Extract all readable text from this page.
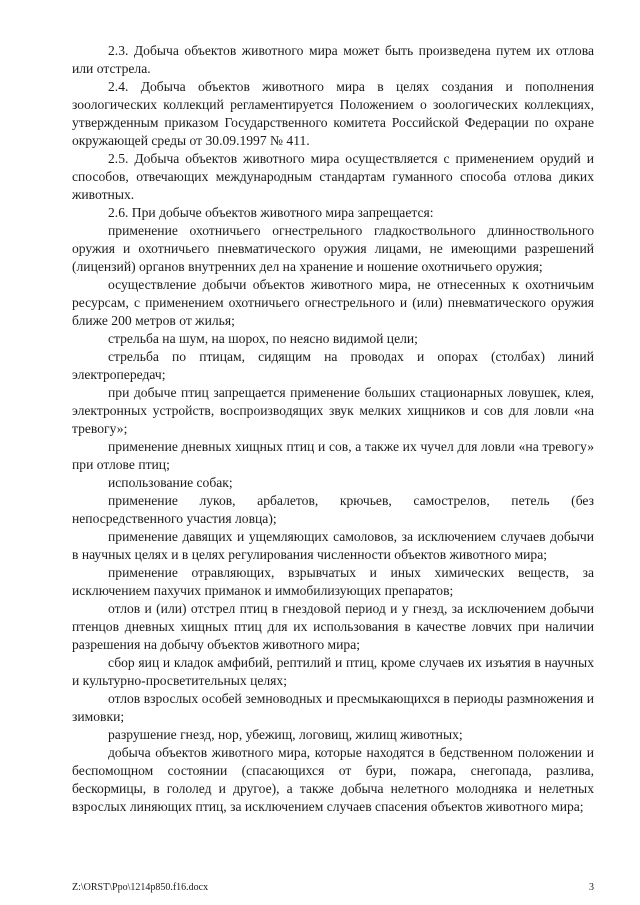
2.3. Добыча объектов животного мира может быть произведена путем их отлова или отстрела.

2.4. Добыча объектов животного мира в целях создания и пополнения зоологических коллекций регламентируется Положением о зоологических коллекциях, утвержденным приказом Государственного комитета Российской Федерации по охране окружающей среды от 30.09.1997 № 411.

2.5. Добыча объектов животного мира осуществляется с применением орудий и способов, отвечающих международным стандартам гуманного способа отлова диких животных.

2.6. При добыче объектов животного мира запрещается:

применение охотничьего огнестрельного гладкоствольного длинноствольного оружия и охотничьего пневматического оружия лицами, не имеющими разрешений (лицензий) органов внутренних дел на хранение и ношение охотничьего оружия;

осуществление добычи объектов животного мира, не отнесенных к охотничьим ресурсам, с применением охотничьего огнестрельного и (или) пневматического оружия ближе 200 метров от жилья;

стрельба на шум, на шорох, по неясно видимой цели;

стрельба по птицам, сидящим на проводах и опорах (столбах) линий электропередач;

при добыче птиц запрещается применение больших стационарных ловушек, клея, электронных устройств, воспроизводящих звук мелких хищников и сов для ловли «на тревогу»;

применение дневных хищных птиц и сов, а также их чучел для ловли «на тревогу» при отлове птиц;

использование собак;

применение луков, арбалетов, крючьев, самострелов, петель (без непосредственного участия ловца);

применение давящих и ущемляющих самоловов, за исключением случаев добычи в научных целях и в целях регулирования численности объектов животного мира;

применение отравляющих, взрывчатых и иных химических веществ, за исключением пахучих приманок и иммобилизующих препаратов;

отлов и (или) отстрел птиц в гнездовой период и у гнезд, за исключением добычи птенцов дневных хищных птиц для их использования в качестве ловчих при наличии разрешения на добычу объектов животного мира;

сбор яиц и кладок амфибий, рептилий и птиц, кроме случаев их изъятия в научных и культурно-просветительных целях;

отлов взрослых особей земноводных и пресмыкающихся в периоды размножения и зимовки;

разрушение гнезд, нор, убежищ, логовищ, жилищ животных;

добыча объектов животного мира, которые находятся в бедственном положении и беспомощном состоянии (спасающихся от бури, пожара, снегопада, разлива, бескормицы, в гололед и другое), а также добыча нелетного молодняка и нелетных взрослых линяющих птиц, за исключением случаев спасения объектов животного мира;

Z:\ORST\Ppo\1214p850.f16.docx	3
